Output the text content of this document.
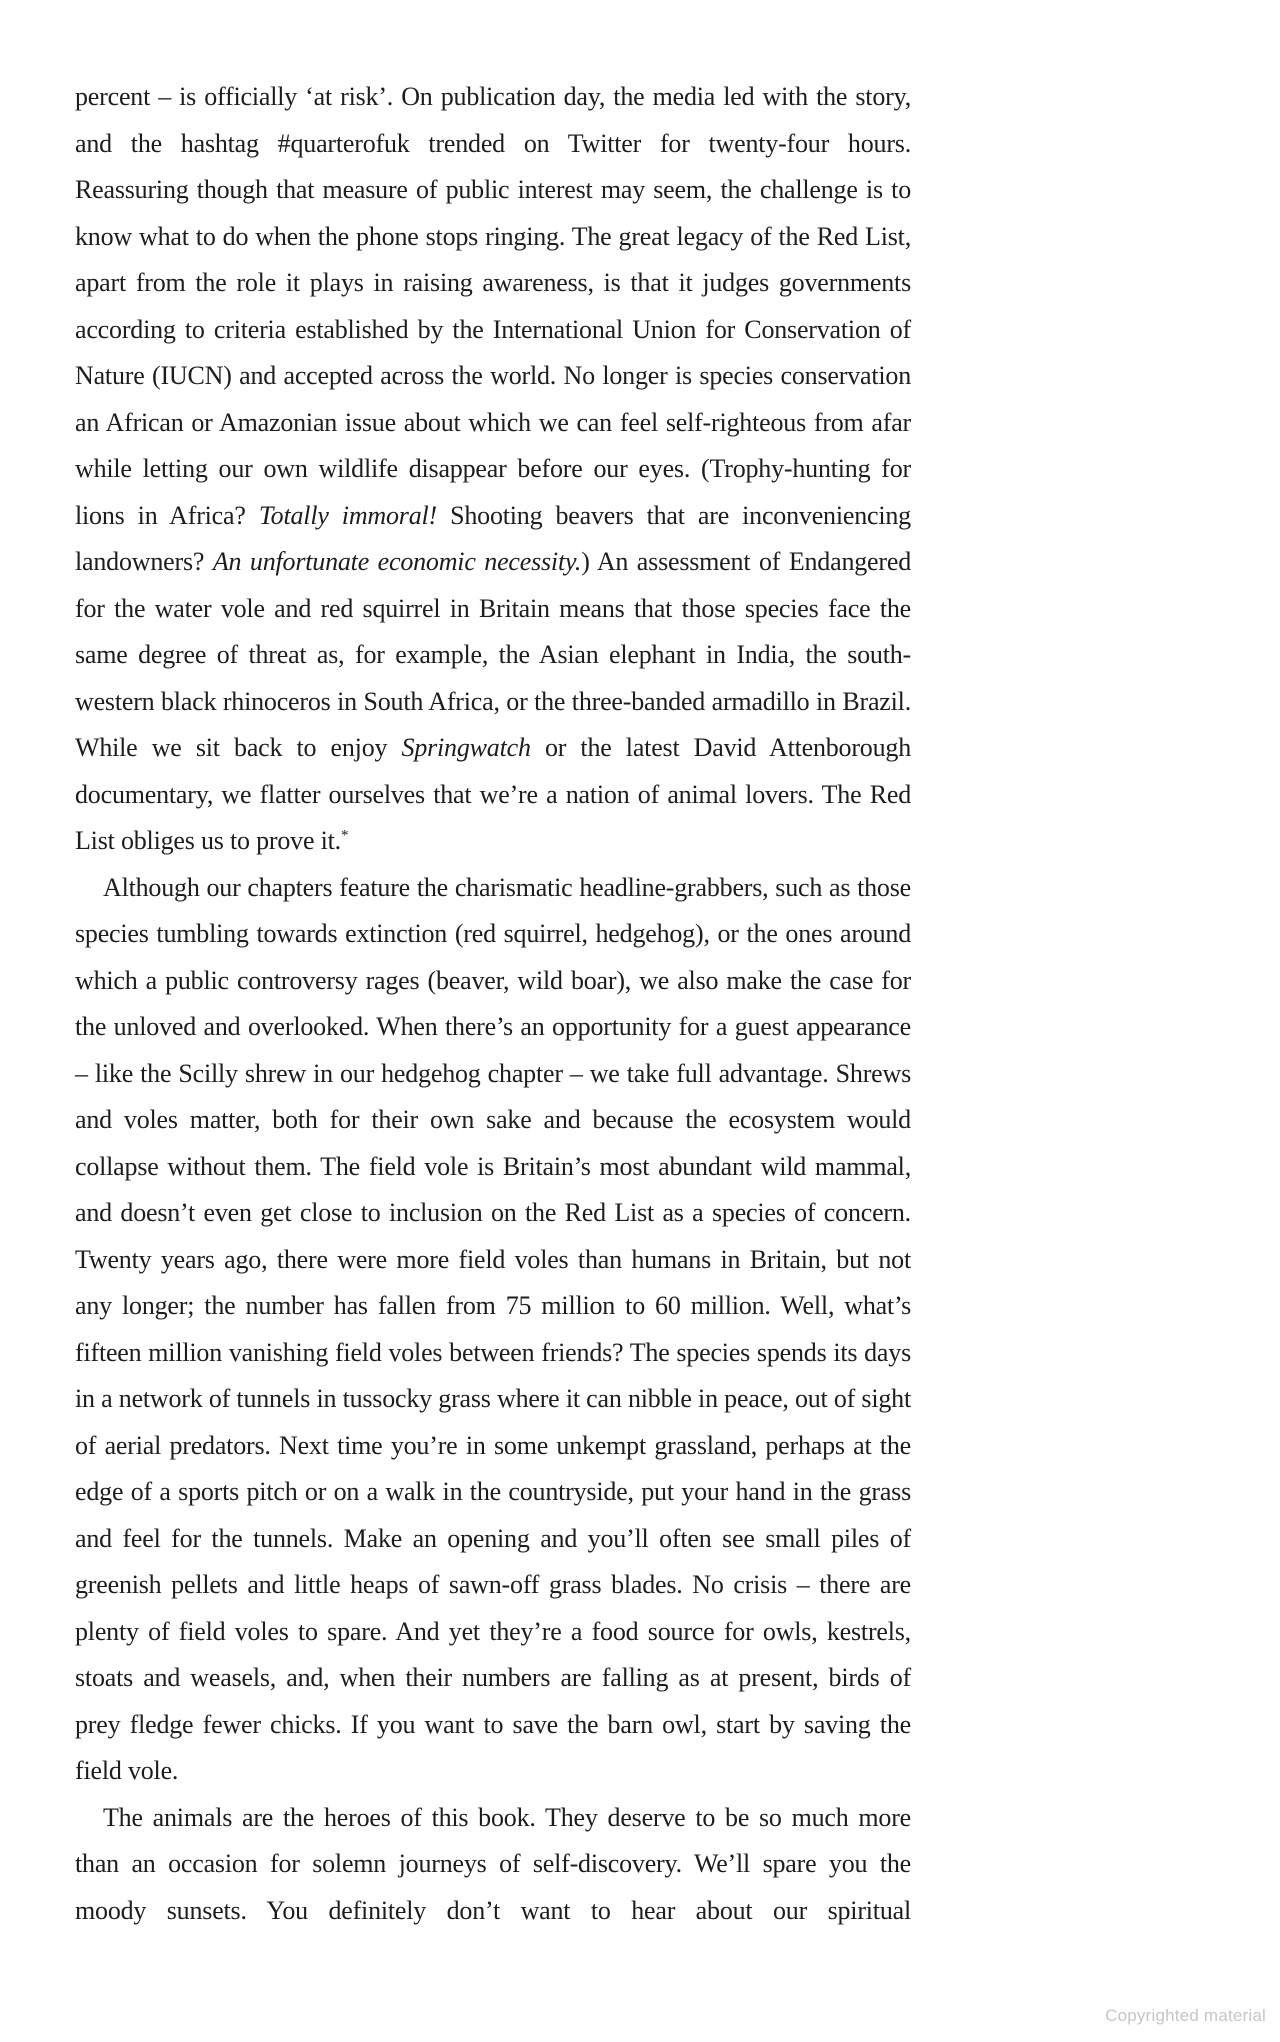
percent – is officially ‘at risk’. On publication day, the media led with the story, and the hashtag #quarterofuk trended on Twitter for twenty-four hours. Reassuring though that measure of public interest may seem, the challenge is to know what to do when the phone stops ringing. The great legacy of the Red List, apart from the role it plays in raising awareness, is that it judges governments according to criteria established by the International Union for Conservation of Nature (IUCN) and accepted across the world. No longer is species conservation an African or Amazonian issue about which we can feel self-righteous from afar while letting our own wildlife disappear before our eyes. (Trophy-hunting for lions in Africa? Totally immoral! Shooting beavers that are inconveniencing landowners? An unfortunate economic necessity.) An assessment of Endangered for the water vole and red squirrel in Britain means that those species face the same degree of threat as, for example, the Asian elephant in India, the south-western black rhinoceros in South Africa, or the three-banded armadillo in Brazil. While we sit back to enjoy Springwatch or the latest David Attenborough documentary, we flatter ourselves that we’re a nation of animal lovers. The Red List obliges us to prove it.*

Although our chapters feature the charismatic headline-grabbers, such as those species tumbling towards extinction (red squirrel, hedgehog), or the ones around which a public controversy rages (beaver, wild boar), we also make the case for the unloved and overlooked. When there’s an opportunity for a guest appearance – like the Scilly shrew in our hedgehog chapter – we take full advantage. Shrews and voles matter, both for their own sake and because the ecosystem would collapse without them. The field vole is Britain’s most abundant wild mammal, and doesn’t even get close to inclusion on the Red List as a species of concern. Twenty years ago, there were more field voles than humans in Britain, but not any longer; the number has fallen from 75 million to 60 million. Well, what’s fifteen million vanishing field voles between friends? The species spends its days in a network of tunnels in tussocky grass where it can nibble in peace, out of sight of aerial predators. Next time you’re in some unkempt grassland, perhaps at the edge of a sports pitch or on a walk in the countryside, put your hand in the grass and feel for the tunnels. Make an opening and you’ll often see small piles of greenish pellets and little heaps of sawn-off grass blades. No crisis – there are plenty of field voles to spare. And yet they’re a food source for owls, kestrels, stoats and weasels, and, when their numbers are falling as at present, birds of prey fledge fewer chicks. If you want to save the barn owl, start by saving the field vole.

The animals are the heroes of this book. They deserve to be so much more than an occasion for solemn journeys of self-discovery. We’ll spare you the moody sunsets. You definitely don’t want to hear about our spiritual

Copyrighted material
